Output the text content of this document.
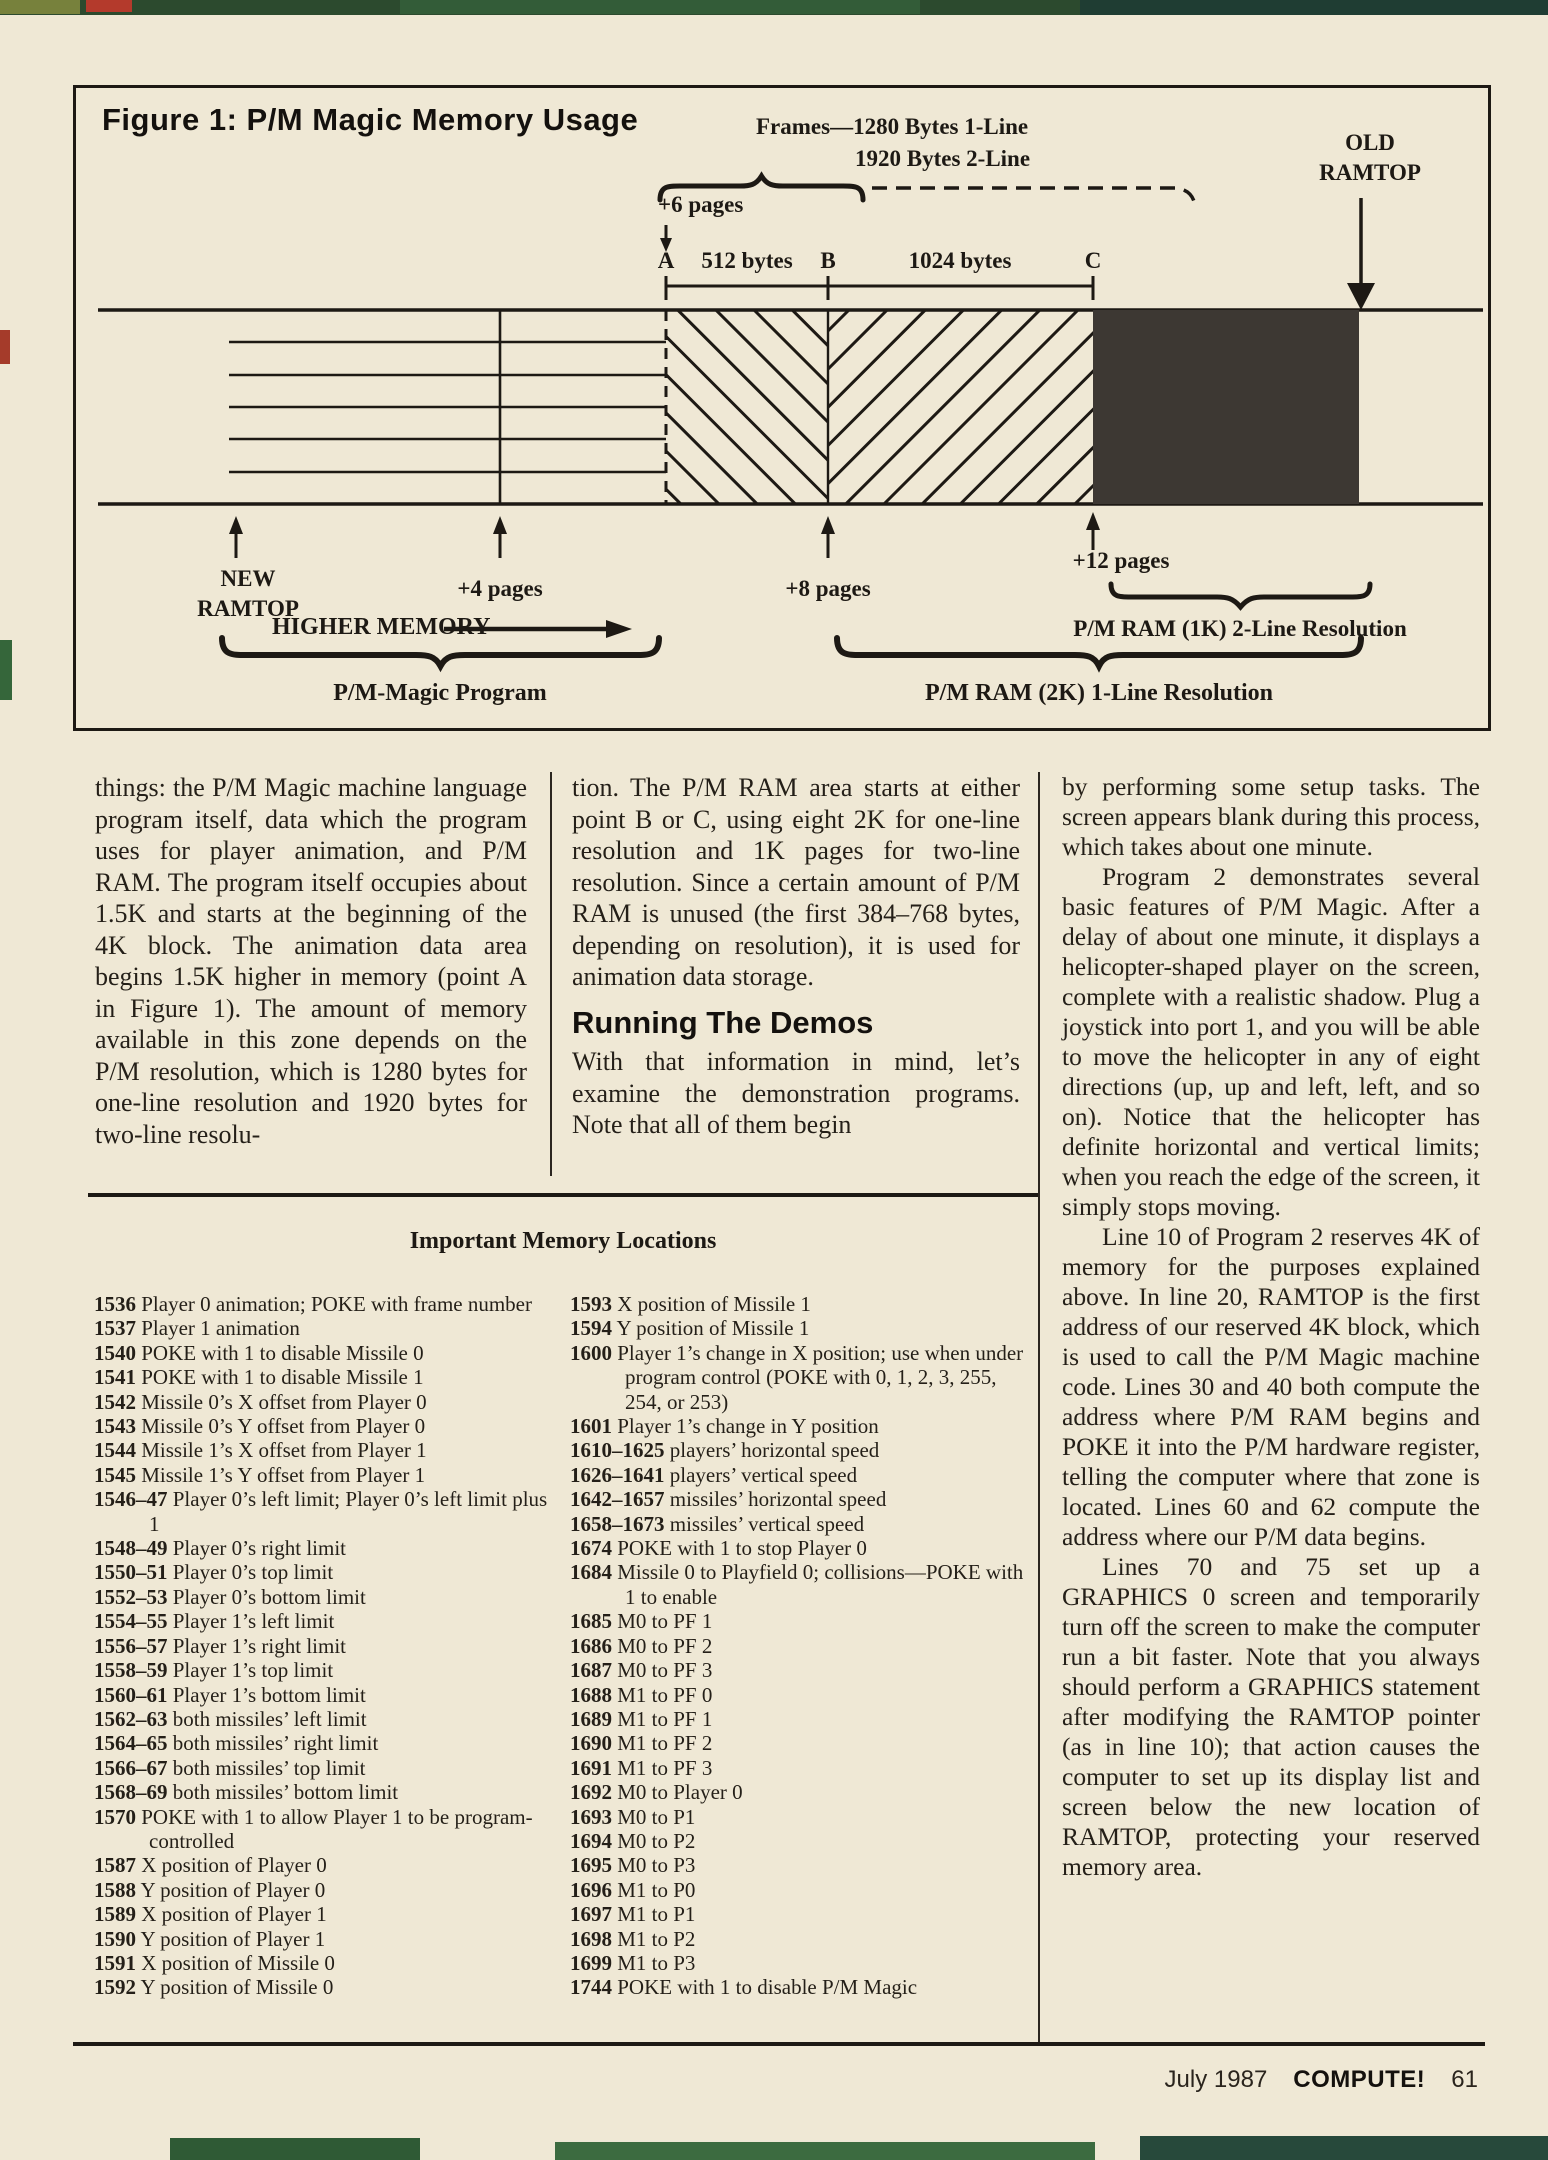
Figure 1: P/M Magic Memory Usage	Frames—1280 Bytes 1-Line
1920 Bytes 2-Line
OLD
RAMTOP
+6 pages
A	B	C
512 bytes	1024 bytes
NEW
RAMTOP
+4 pages	+8 pages
+12 pages
HIGHER MEMORY	P/M RAM (1K) 2-Line Resolution
P/M-Magic Program	P/M RAM (2K) 1-Line Resolution

things: the P/M Magic machine language program itself, data which the program uses for player animation, and P/M RAM. The program itself occupies about 1.5K and starts at the beginning of the 4K block. The animation data area begins 1.5K higher in memory (point A in Figure 1). The amount of memory available in this zone depends on the P/M resolution, which is 1280 bytes for one-line resolution and 1920 bytes for two-line resolu-

tion. The P/M RAM area starts at either point B or C, using eight 2K for one-line resolution and 1K pages for two-line resolution. Since a certain amount of P/M RAM is unused (the first 384–768 bytes, depending on resolution), it is used for animation data storage.

Running The Demos

With that information in mind, let’s examine the demonstration programs. Note that all of them begin

by performing some setup tasks. The screen appears blank during this process, which takes about one minute.

Program 2 demonstrates several basic features of P/M Magic. After a delay of about one minute, it displays a helicopter-shaped player on the screen, complete with a realistic shadow. Plug a joystick into port 1, and you will be able to move the helicopter in any of eight directions (up, up and left, left, and so on). Notice that the helicopter has definite horizontal and vertical limits; when you reach the edge of the screen, it simply stops moving.

Line 10 of Program 2 reserves 4K of memory for the purposes explained above. In line 20, RAMTOP is the first address of our reserved 4K block, which is used to call the P/M Magic machine code. Lines 30 and 40 both compute the address where P/M RAM begins and POKE it into the P/M hardware register, telling the computer where that zone is located. Lines 60 and 62 compute the address where our P/M data begins.

Lines 70 and 75 set up a GRAPHICS 0 screen and temporarily turn off the screen to make the computer run a bit faster. Note that you always should perform a GRAPHICS statement after modifying the RAMTOP pointer (as in line 10); that action causes the computer to set up its display list and screen below the new location of RAMTOP, protecting your reserved memory area.

Important Memory Locations
1536 Player 0 animation; POKE with frame number
1537 Player 1 animation
1540 POKE with 1 to disable Missile 0
1541 POKE with 1 to disable Missile 1
1542 Missile 0’s X offset from Player 0
1543 Missile 0’s Y offset from Player 0
1544 Missile 1’s X offset from Player 1
1545 Missile 1’s Y offset from Player 1
1546–47 Player 0’s left limit; Player 0’s left limit plus 1
1548–49 Player 0’s right limit
1550–51 Player 0’s top limit
1552–53 Player 0’s bottom limit
1554–55 Player 1’s left limit
1556–57 Player 1’s right limit
1558–59 Player 1’s top limit
1560–61 Player 1’s bottom limit
1562–63 both missiles’ left limit
1564–65 both missiles’ right limit
1566–67 both missiles’ top limit
1568–69 both missiles’ bottom limit
1570 POKE with 1 to allow Player 1 to be program-controlled
1587 X position of Player 0
1588 Y position of Player 0
1589 X position of Player 1
1590 Y position of Player 1
1591 X position of Missile 0
1592 Y position of Missile 0
1593 X position of Missile 1
1594 Y position of Missile 1
1600 Player 1’s change in X position; use when under program control (POKE with 0, 1, 2, 3, 255, 254, or 253)
1601 Player 1’s change in Y position
1610–1625 players’ horizontal speed
1626–1641 players’ vertical speed
1642–1657 missiles’ horizontal speed
1658–1673 missiles’ vertical speed
1674 POKE with 1 to stop Player 0
1684 Missile 0 to Playfield 0; collisions—POKE with 1 to enable
1685 M0 to PF 1
1686 M0 to PF 2
1687 M0 to PF 3
1688 M1 to PF 0
1689 M1 to PF 1
1690 M1 to PF 2
1691 M1 to PF 3
1692 M0 to Player 0
1693 M0 to P1
1694 M0 to P2
1695 M0 to P3
1696 M1 to P0
1697 M1 to P1
1698 M1 to P2
1699 M1 to P3
1744 POKE with 1 to disable P/M Magic
July 1987 COMPUTE! 61
